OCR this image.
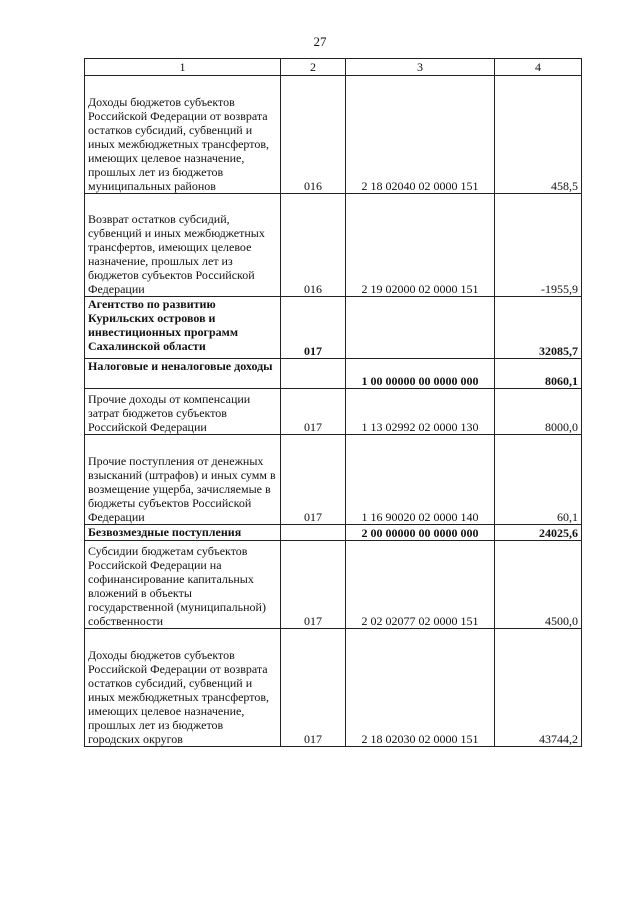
27
1	2	3	4
Доходы бюджетов субъектов Российской Федерации от возврата остатков субсидий, субвенций и иных межбюджетных трансфертов, имеющих целевое назначение, прошлых лет из бюджетов муниципальных районов	016	2 18 02040 02 0000 151	458,5
Возврат остатков субсидий, субвенций и иных межбюджетных трансфертов, имеющих целевое назначение, прошлых лет из бюджетов субъектов Российской Федерации	016	2 19 02000 02 0000 151	-1955,9
Агентство по развитию Курильских островов и инвестиционных программ Сахалинской области	017		32085,7
Налоговые и неналоговые доходы		1 00 00000 00 0000 000	8060,1
Прочие доходы от компенсации затрат бюджетов субъектов Российской Федерации	017	1 13 02992 02 0000 130	8000,0
Прочие поступления от денежных взысканий (штрафов) и иных сумм в возмещение ущерба, зачисляемые в бюджеты субъектов Российской Федерации	017	1 16 90020 02 0000 140	60,1
Безвозмездные поступления		2 00 00000 00 0000 000	24025,6
Субсидии бюджетам субъектов Российской Федерации на софинансирование капитальных вложений в объекты государственной (муниципальной) собственности	017	2 02 02077 02 0000 151	4500,0
Доходы бюджетов субъектов Российской Федерации от возврата остатков субсидий, субвенций и иных межбюджетных трансфертов, имеющих целевое назначение, прошлых лет из бюджетов городских округов	017	2 18 02030 02 0000 151	43744,2
